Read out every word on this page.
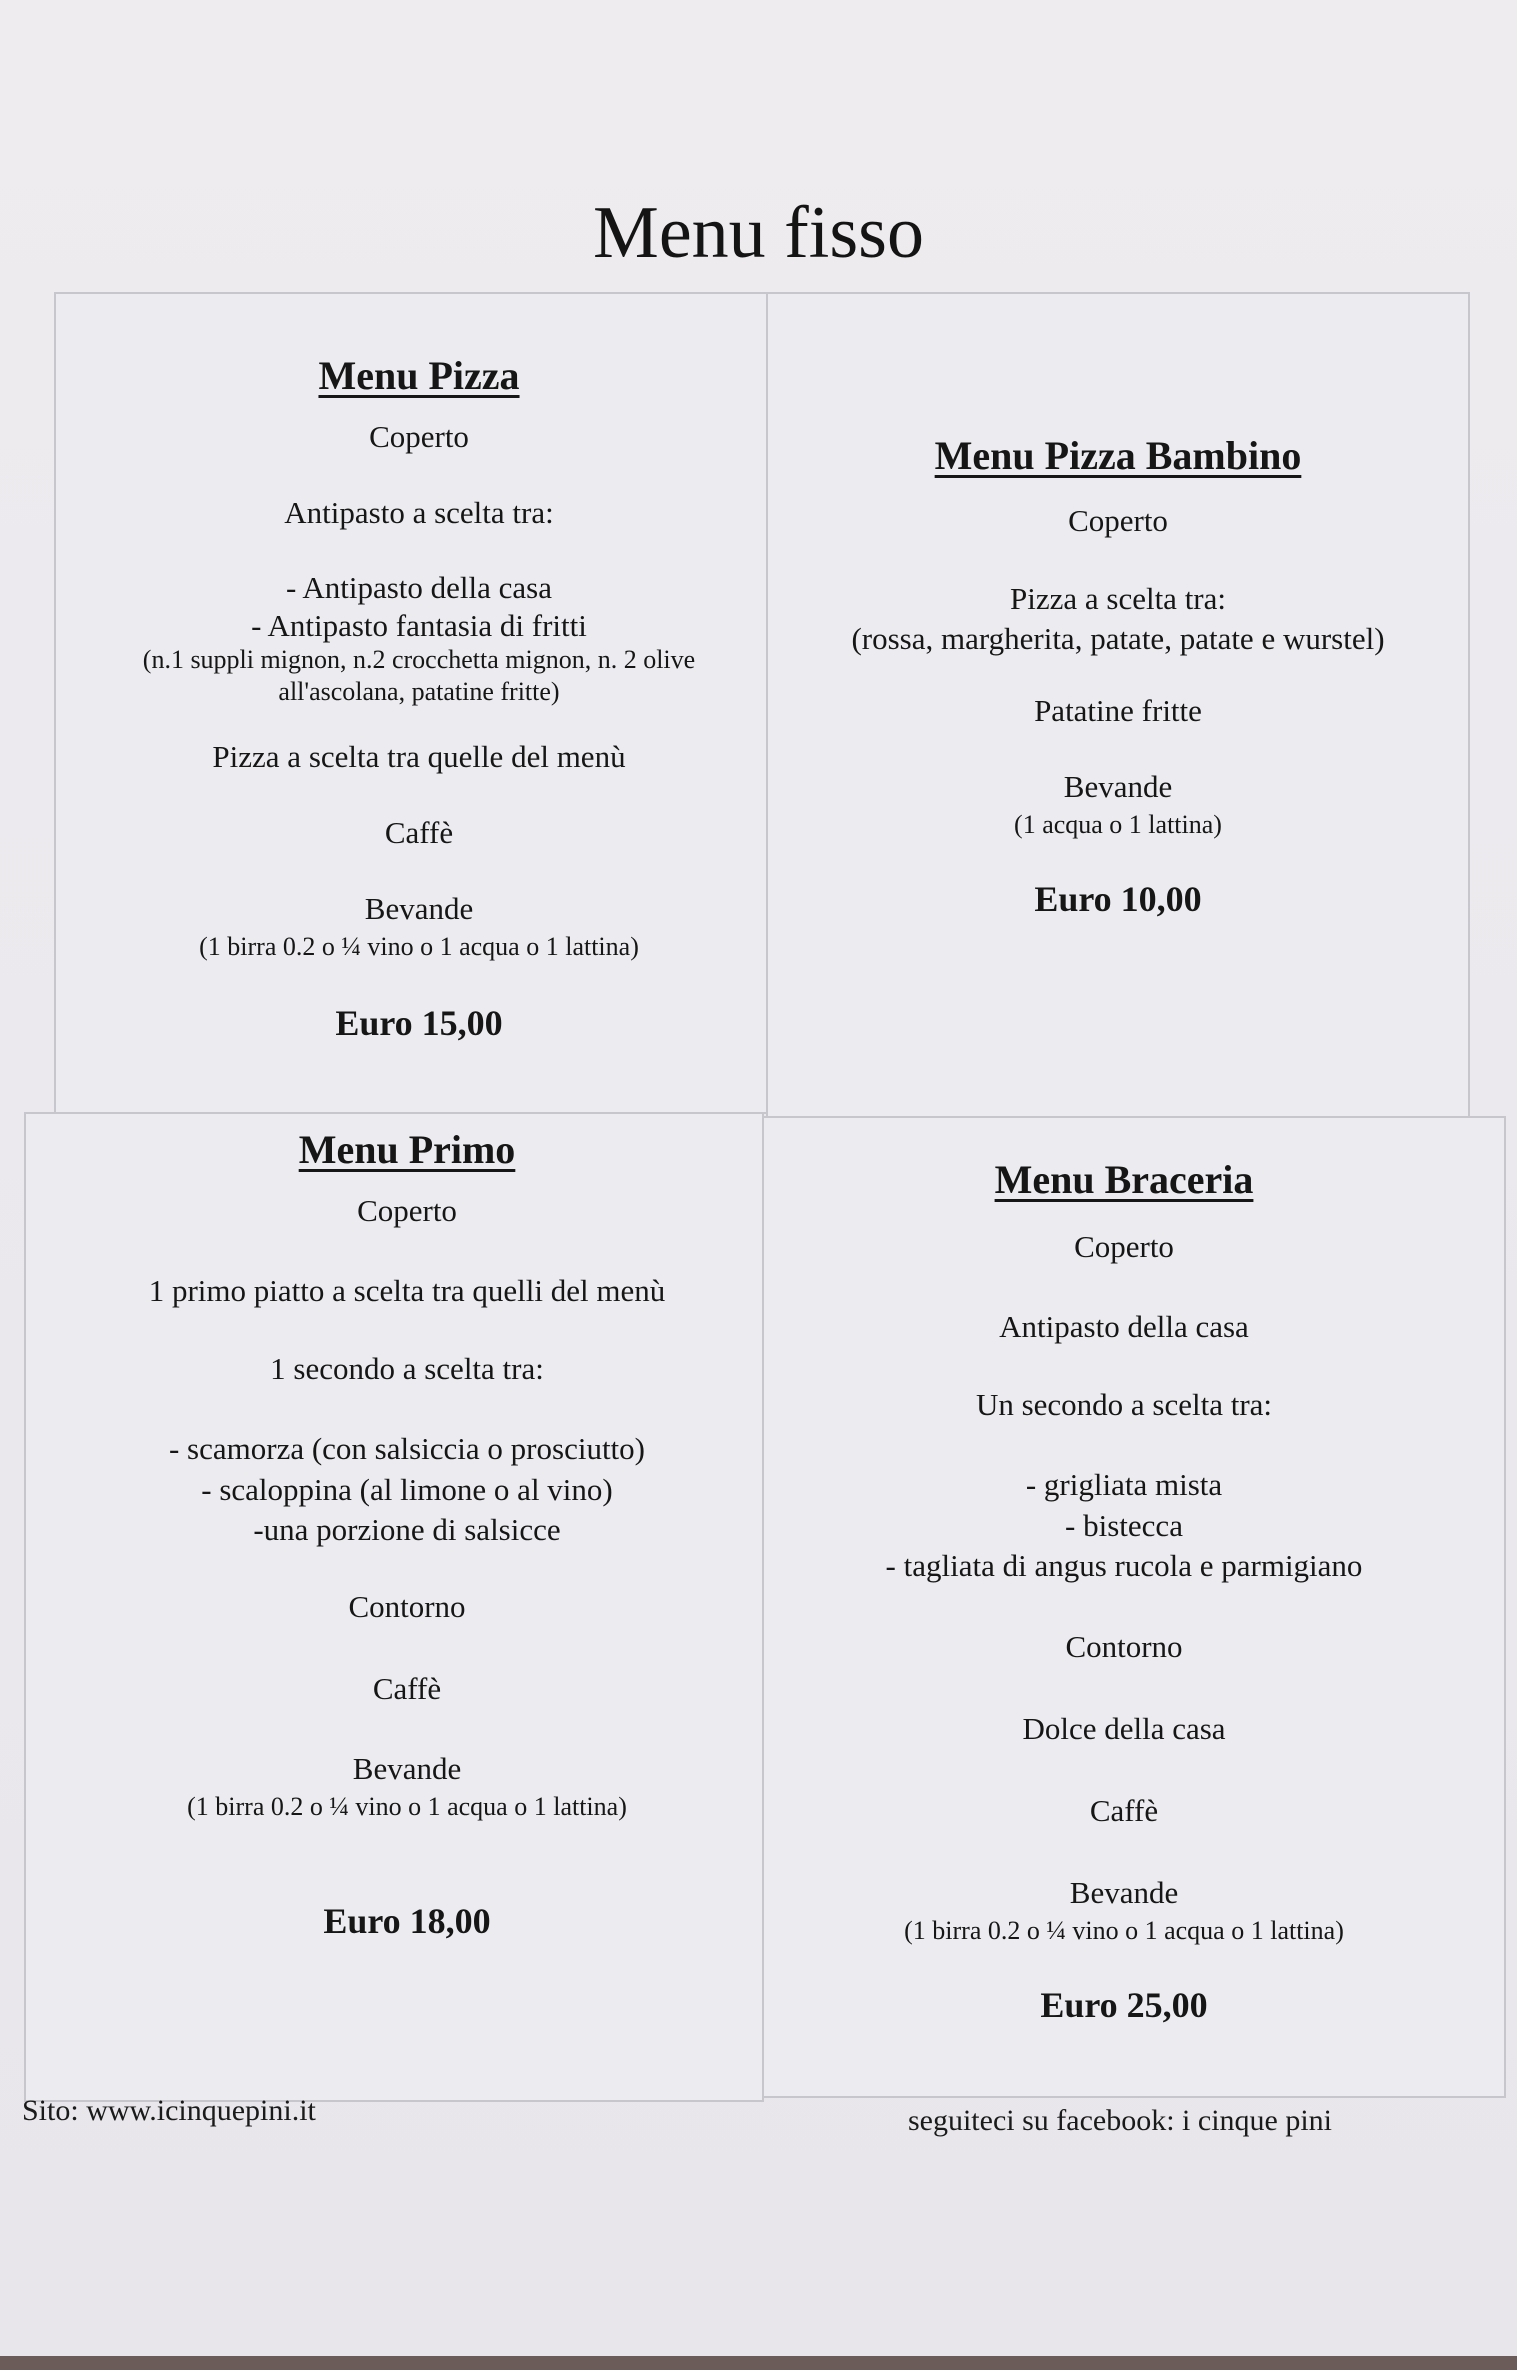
Menu fisso
Menu Pizza
Coperto
Antipasto a scelta tra:
- Antipasto della casa
- Antipasto fantasia di fritti
(n.1 suppli mignon, n.2 crocchetta mignon, n. 2 olive
all'ascolana, patatine fritte)
Pizza a scelta tra quelle del menù
Caffè
Bevande
(1 birra 0.2 o ¼ vino o 1 acqua o 1 lattina)
Euro 15,00
Menu Pizza Bambino
Coperto
Pizza a scelta tra:
(rossa, margherita, patate, patate e wurstel)
Patatine fritte
Bevande
(1 acqua o 1 lattina)
Euro 10,00
Menu Primo
Coperto
1 primo piatto a scelta tra quelli del menù
1 secondo a scelta tra:
- scamorza (con salsiccia o prosciutto)
- scaloppina (al limone o al vino)
-una porzione di salsicce
Contorno
Caffè
Bevande
(1 birra 0.2 o ¼ vino o 1 acqua o 1 lattina)
Euro 18,00
Menu Braceria
Coperto
Antipasto della casa
Un secondo a scelta tra:
- grigliata mista
- bistecca
- tagliata di angus rucola e parmigiano
Contorno
Dolce della casa
Caffè
Bevande
(1 birra 0.2 o ¼ vino o 1 acqua o 1 lattina)
Euro 25,00
Sito: www.icinquepini.it	seguiteci su facebook: i cinque pini
